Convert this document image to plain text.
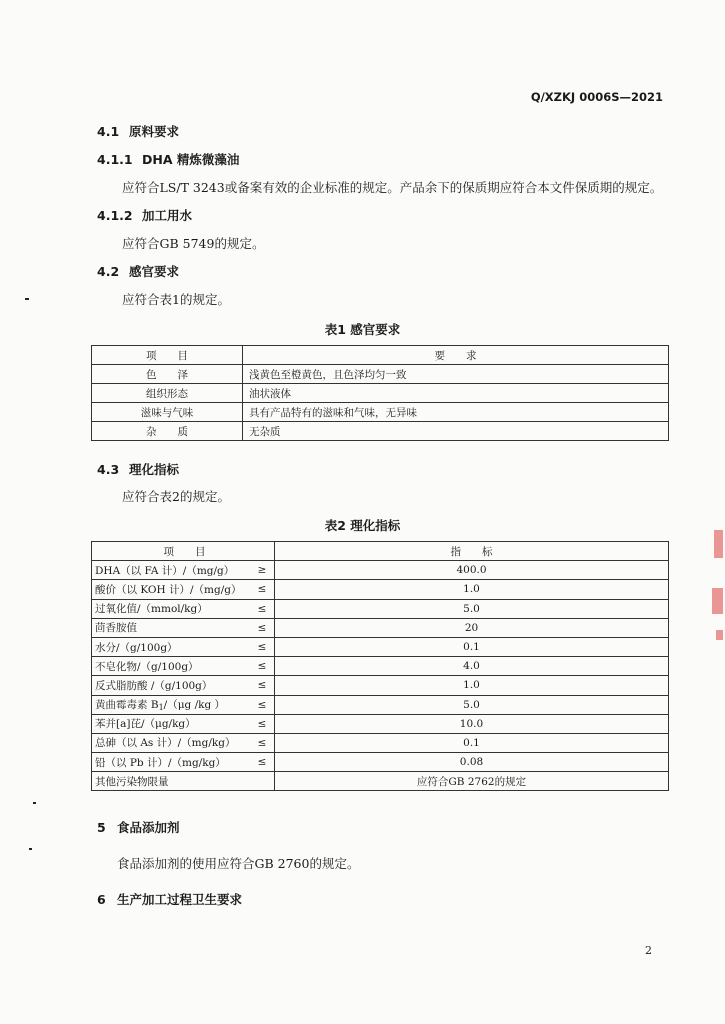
Q/XZKJ 0006S—2021
4.1 原料要求
4.1.1 DHA 精炼微藻油
应符合LS/T 3243或备案有效的企业标准的规定。产品余下的保质期应符合本文件保质期的规定。
4.1.2 加工用水
应符合GB 5749的规定。
4.2 感官要求
应符合表1的规定。
表1 感官要求
项　　目	要　　求
色　　泽	浅黄色至橙黄色，且色泽均匀一致
组织形态	油状液体
滋味与气味	具有产品特有的滋味和气味，无异味
杂　　质	无杂质
4.3 理化指标
应符合表2的规定。
表2 理化指标
项　　目		指　　标
DHA（以 FA 计）/（mg/g）	≥	400.0
酸价（以 KOH 计）/（mg/g）	≤	1.0
过氧化值/（mmol/kg）	≤	5.0
茴香胺值	≤	20
水分/（g/100g）	≤	0.1
不皂化物/（g/100g）	≤	4.0
反式脂肪酸 /（g/100g）	≤	1.0
黄曲霉毒素 $B_1/(\mu g$ /kg ）	≤	5.0
苯并[a]芘/（μg/kg）	≤	10.0
总砷（以 As 计）/（mg/kg）	≤	0.1
铅（以 Pb 计）/（mg/kg）	≤	0.08
其他污染物限量		应符合GB 2762的规定
5 食品添加剂
食品添加剂的使用应符合GB 2760的规定。
6 生产加工过程卫生要求
2
